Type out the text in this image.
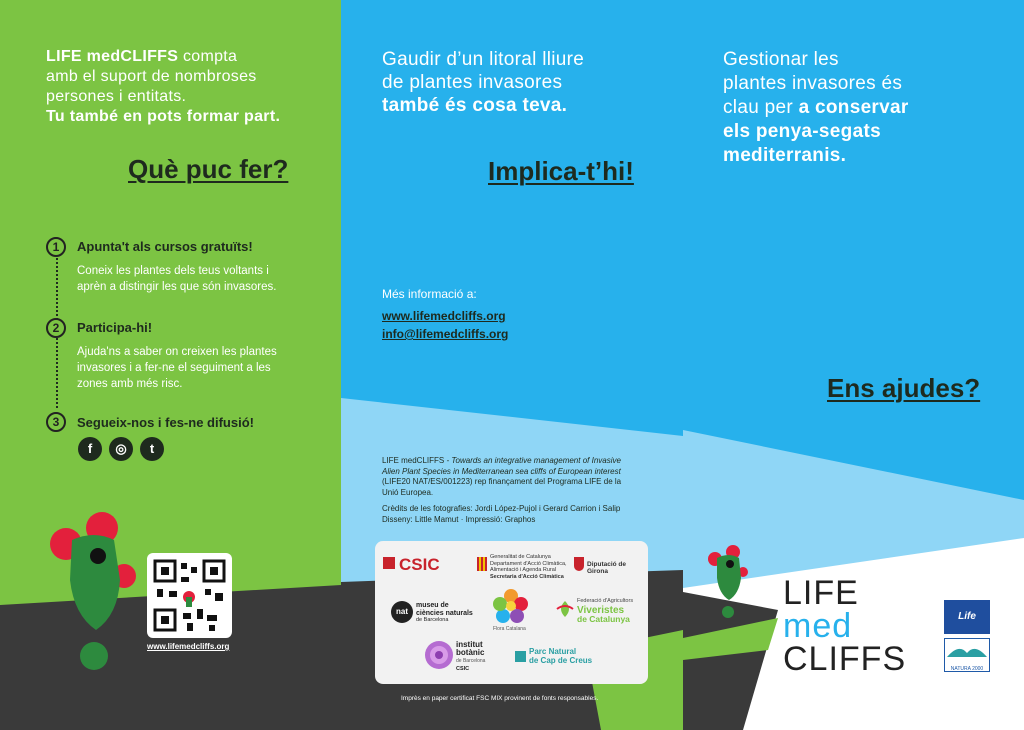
LIFE medCLIFFS compta
amb el suport de nombroses
persones i entitats.
Tu també en pots formar part.
Què puc fer?
1	Apunta't als cursos gratuïts!
Coneix les plantes dels teus voltants i
aprèn a distingir les que són invasores.
2	Participa-hi!
Ajuda'ns a saber on creixen les plantes
invasores i a fer-ne el seguiment a les
zones amb més risc.
3	Segueix-nos i fes-ne difusió!
f	◎	t
www.lifemedcliffs.org
Gaudir d’un litoral lliure
de plantes invasores
també és cosa teva.
Implica-t’hi!
Més informació a:
www.lifemedcliffs.org
info@lifemedcliffs.org
LIFE medCLIFFS - Towards an integrative management of Invasive
Alien Plant Species in Mediterranean sea cliffs of European interest
(LIFE20 NAT/ES/001223) rep finançament del Programa LIFE de la
Unió Europea.
Crèdits de les fotografies: Jordi López-Pujol i Gerard Carrion i Salip
Disseny: Little Mamut · Impressió: Graphos
CSIC	Generalitat de Catalunya
Departament d'Acció Climàtica,
Alimentació i Agenda Rural
Secretaria d'Acció Climàtica
Diputació de Girona
nat
museu de
ciències naturals
de Barcelona
Flora Catalana
Federació d'Agricultors
Viveristes
de Catalunya
institut
botànic
de Barcelona
CSIC
Parc Natural
de Cap de Creus
Imprès en paper certificat FSC MIX provinent de fonts responsables.
Gestionar les
plantes invasores és
clau per a conservar
els penya-segats
mediterranis.
Ens ajudes?
LIFE
med
CLIFFS
Life
NATURA 2000
